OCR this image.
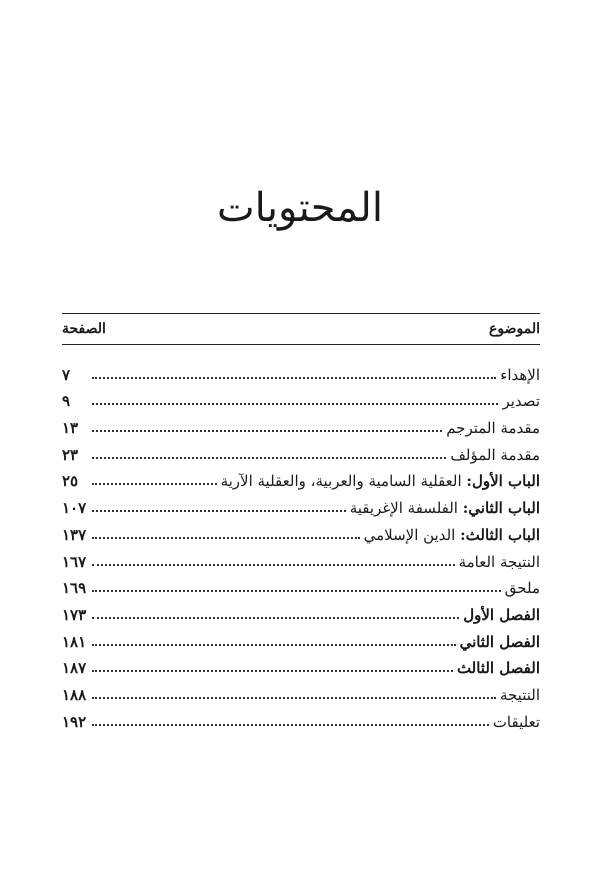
المحتويات
الصفحة	الموضوع
الإهداء
٧
تصدير
٩
مقدمة المترجم
١٣
مقدمة المؤلف
٢٣
الباب الأول: العقلية السامية والعربية، والعقلية الآرية
٢٥
الباب الثاني: الفلسفة الإغريقية
١٠٧
الباب الثالث: الدين الإسلامي
١٣٧
النتيجة العامة
١٦٧
ملحق
١٦٩
الفصل الأول
١٧٣
الفصل الثاني
١٨١
الفصل الثالث
١٨٧
النتيجة
١٨٨
تعليقات
١٩٢
